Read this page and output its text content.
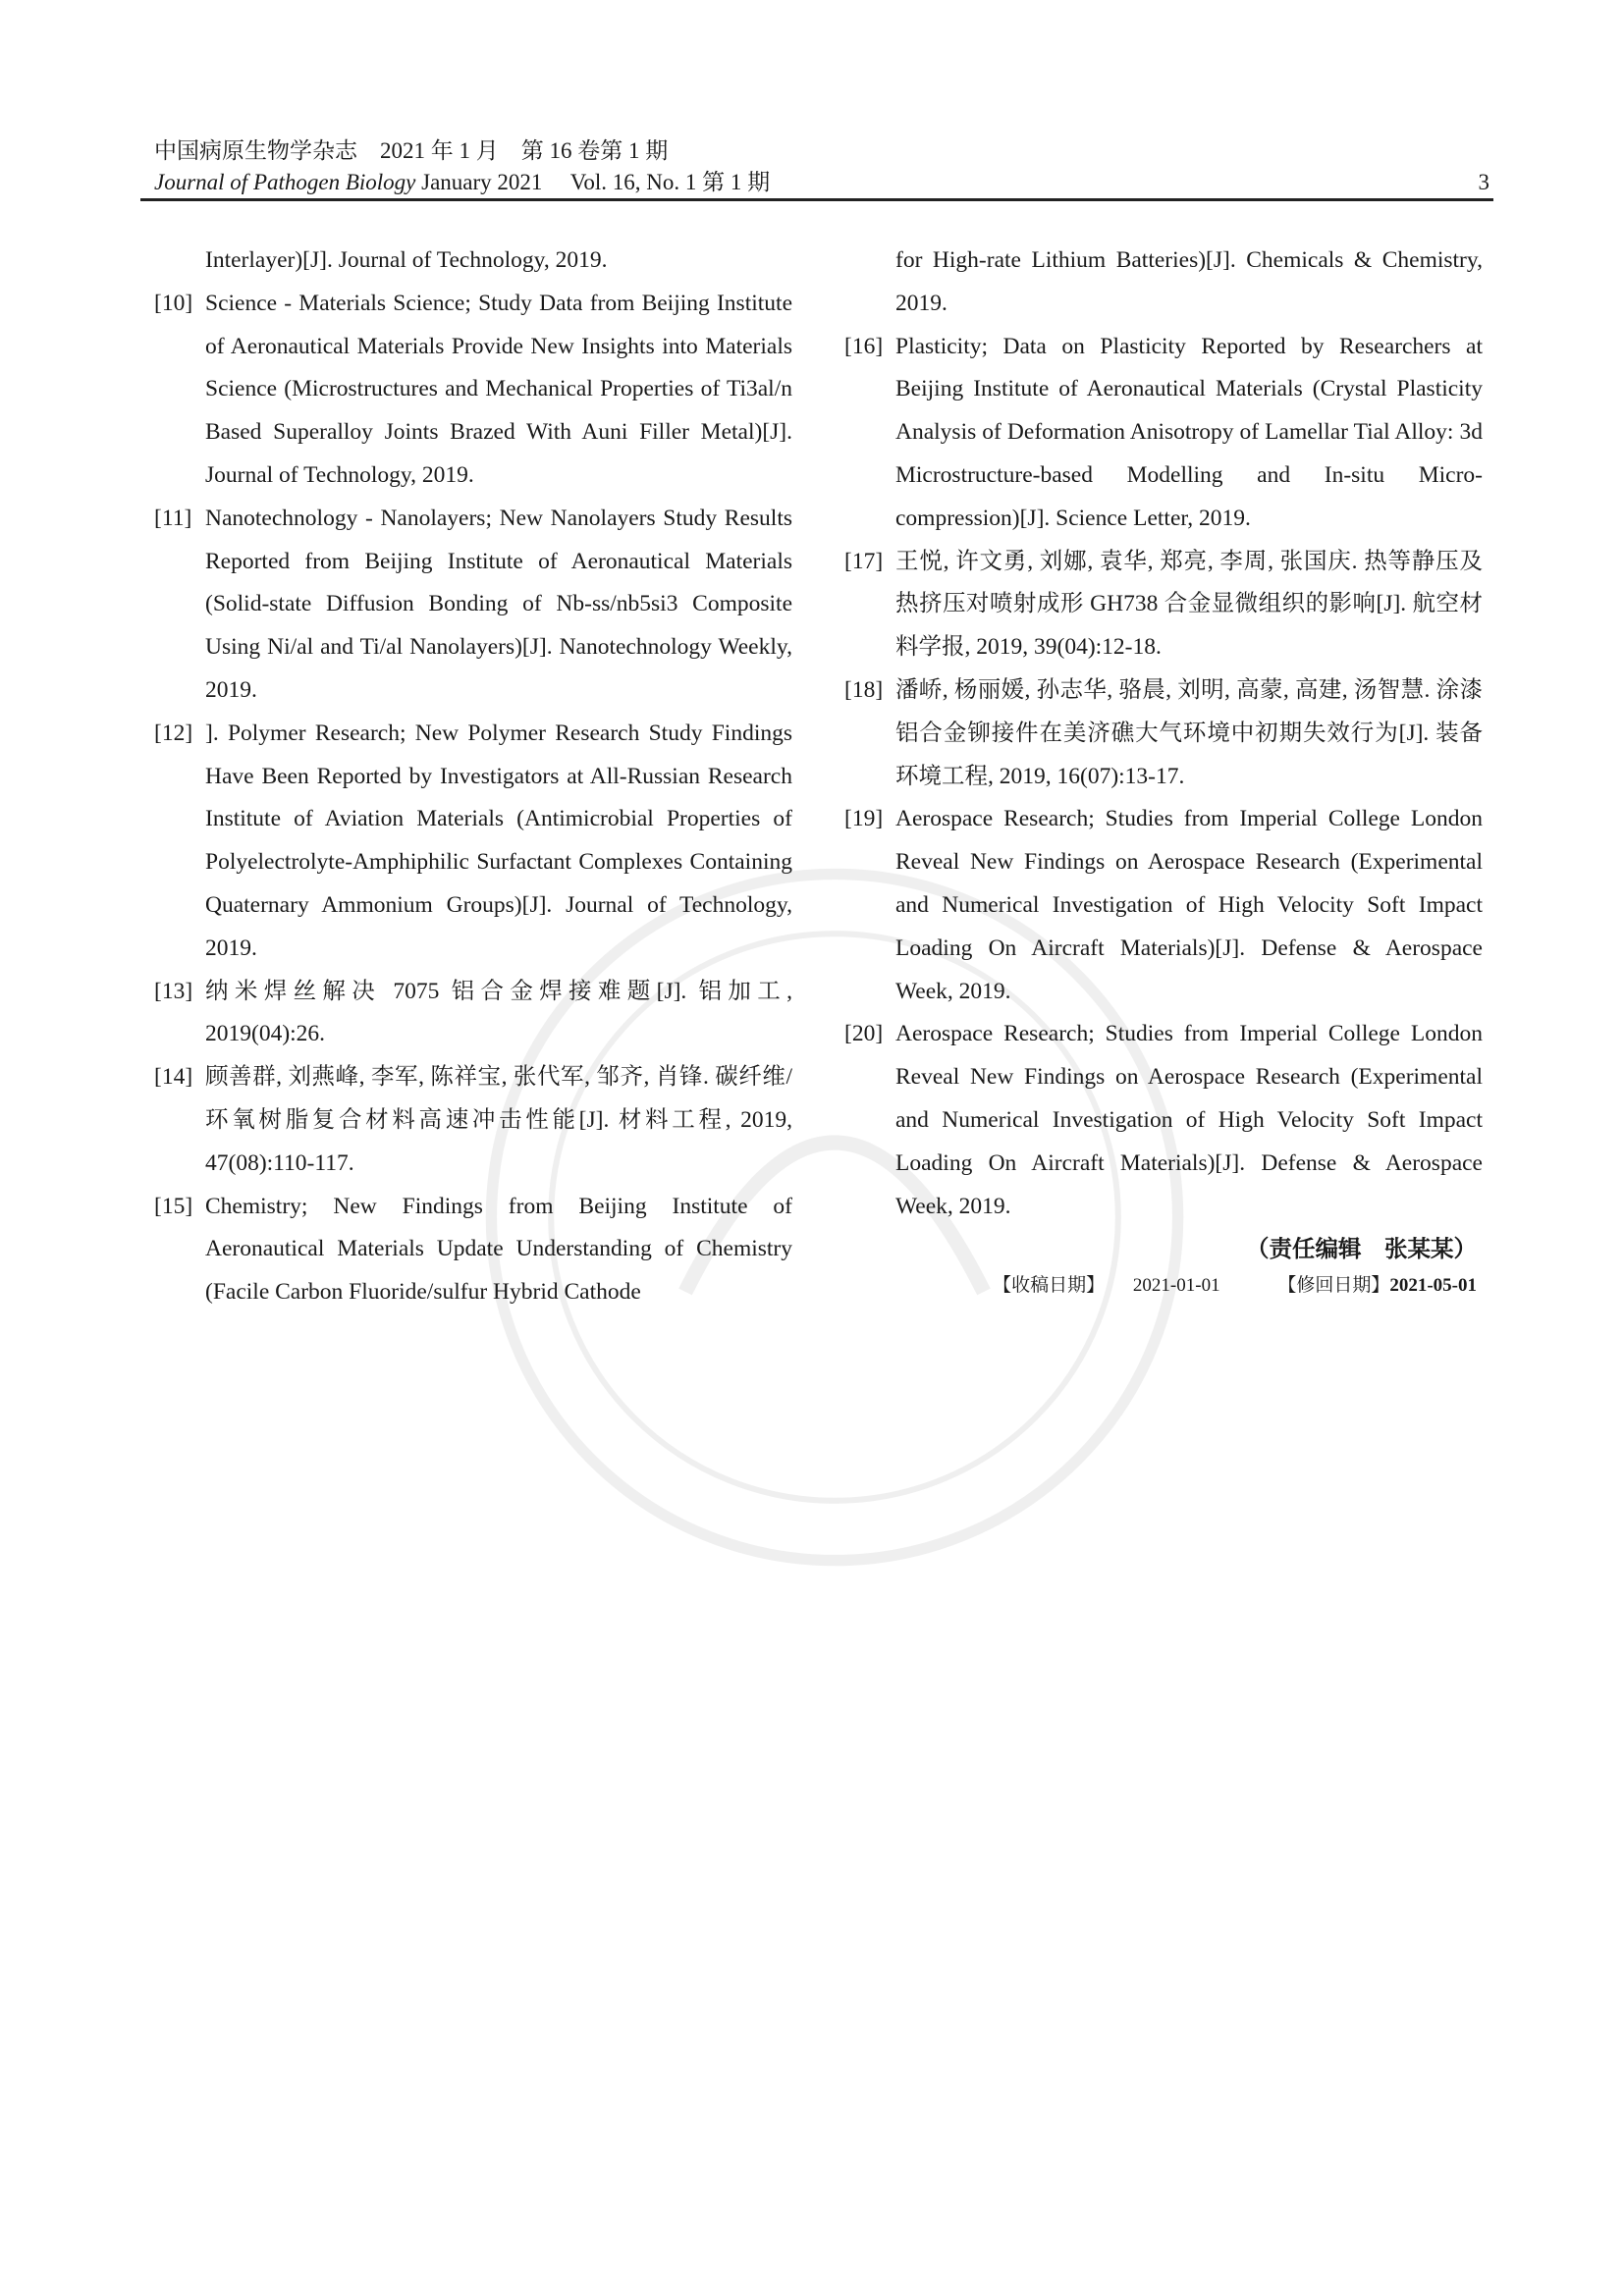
中国病原生物学杂志　2021 年 1 月　第 16 卷第 1 期
Journal of Pathogen Biology January 2021　 Vol. 16, No. 1 第 1 期	3
Interlayer)[J]. Journal of Technology, 2019.
[10] Science - Materials Science; Study Data from Beijing Institute of Aeronautical Materials Provide New Insights into Materials Science (Microstructures and Mechanical Properties of Ti3al/n Based Superalloy Joints Brazed With Auni Filler Metal)[J]. Journal of Technology, 2019.
[11] Nanotechnology - Nanolayers; New Nanolayers Study Results Reported from Beijing Institute of Aeronautical Materials (Solid-state Diffusion Bonding of Nb-ss/nb5si3 Composite Using Ni/al and Ti/al Nanolayers)[J]. Nanotechnology Weekly, 2019.
[12] ]. Polymer Research; New Polymer Research Study Findings Have Been Reported by Investigators at All-Russian Research Institute of Aviation Materials (Antimicrobial Properties of Polyelectrolyte-Amphiphilic Surfactant Complexes Containing Quaternary Ammonium Groups)[J]. Journal of Technology, 2019.
[13] 纳米焊丝解决 7075 铝合金焊接难题[J]. 铝加工, 2019(04):26.
[14] 顾善群, 刘燕峰, 李军, 陈祥宝, 张代军, 邹齐, 肖锋. 碳纤维/环氧树脂复合材料高速冲击性能[J]. 材料工程, 2019, 47(08):110-117.
[15] Chemistry; New Findings from Beijing Institute of Aeronautical Materials Update Understanding of Chemistry (Facile Carbon Fluoride/sulfur Hybrid Cathode
for High-rate Lithium Batteries)[J]. Chemicals & Chemistry, 2019.
[16] Plasticity; Data on Plasticity Reported by Researchers at Beijing Institute of Aeronautical Materials (Crystal Plasticity Analysis of Deformation Anisotropy of Lamellar Tial Alloy: 3d Microstructure-based Modelling and In-situ Micro-compression)[J]. Science Letter, 2019.
[17] 王悦, 许文勇, 刘娜, 袁华, 郑亮, 李周, 张国庆. 热等静压及热挤压对喷射成形 GH738 合金显微组织的影响[J]. 航空材料学报, 2019, 39(04):12-18.
[18] 潘峤, 杨丽媛, 孙志华, 骆晨, 刘明, 高蒙, 高建, 汤智慧. 涂漆铝合金铆接件在美济礁大气环境中初期失效行为[J]. 装备环境工程, 2019, 16(07):13-17.
[19] Aerospace Research; Studies from Imperial College London Reveal New Findings on Aerospace Research (Experimental and Numerical Investigation of High Velocity Soft Impact Loading On Aircraft Materials)[J]. Defense & Aerospace Week, 2019.
[20] Aerospace Research; Studies from Imperial College London Reveal New Findings on Aerospace Research (Experimental and Numerical Investigation of High Velocity Soft Impact Loading On Aircraft Materials)[J]. Defense & Aerospace Week, 2019.
（责任编辑　张某某）
【收稿日期】 2021-01-01	【修回日期】2021-05-01
